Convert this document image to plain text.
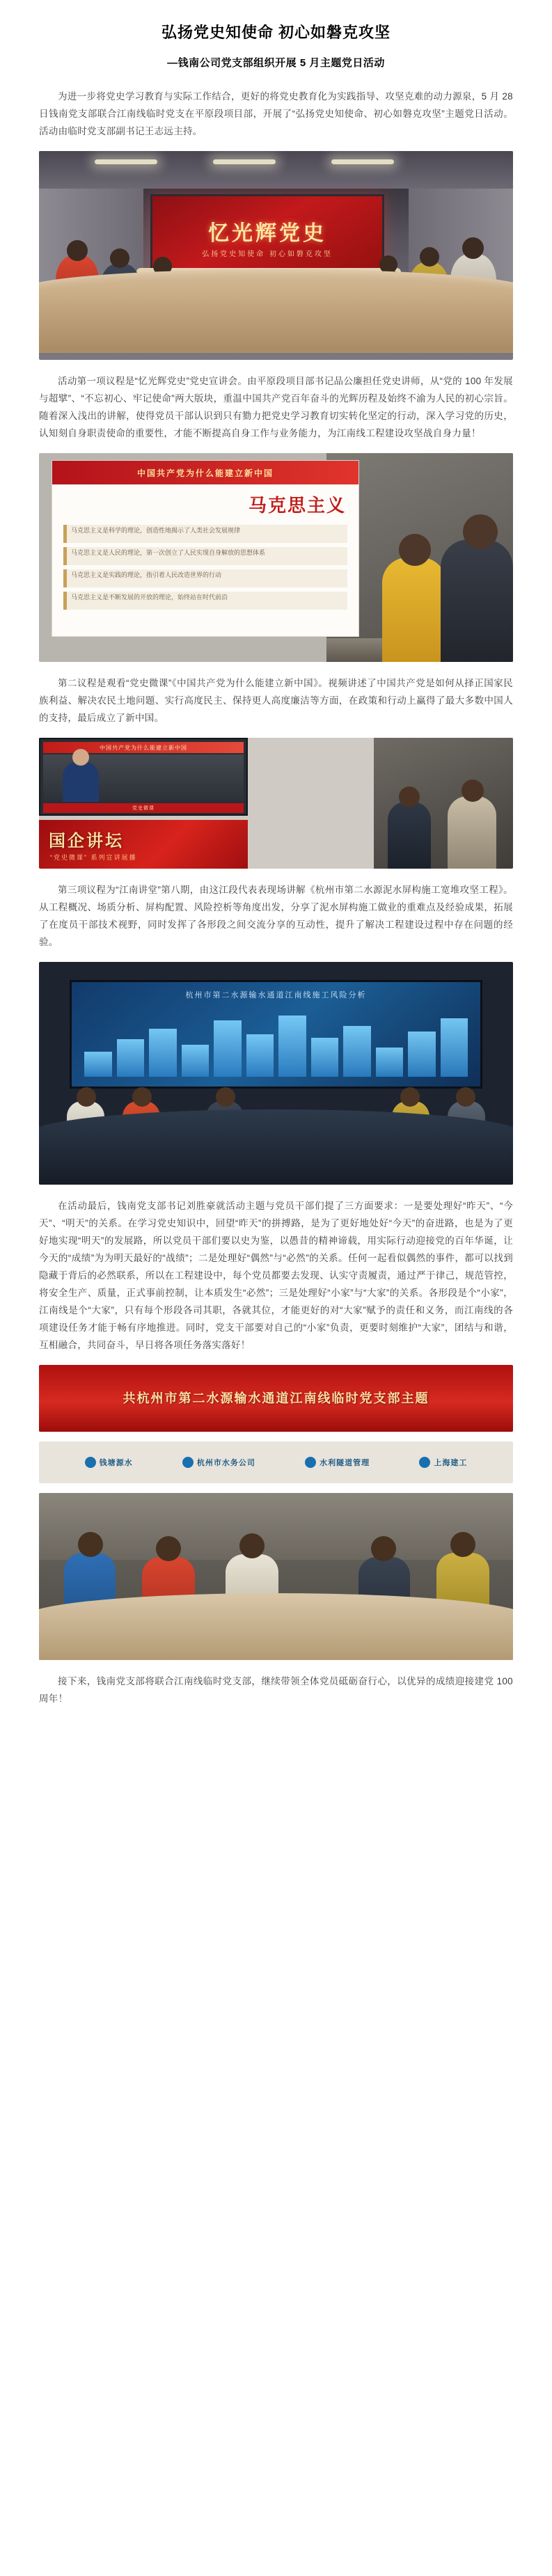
弘扬党史知使命 初心如磐克攻坚
—钱南公司党支部组织开展 5 月主题党日活动

为进一步将党史学习教育与实际工作结合，更好的将党史教育化为实践指导、攻坚克难的动力源泉，5 月 28 日钱南党支部联合江南线临时党支在平原段项目部，开展了“弘扬党史知使命、初心如磐克攻坚”主题党日活动。活动由临时党支部副书记王志远主持。

忆光辉党史
弘扬党史知使命 初心如磐克攻坚

活动第一项议程是“忆光辉党史”党史宣讲会。由平原段项目部书记品公廉担任党史讲师，从“党的 100 年发展与超擘”、“不忘初心、牢记使命”两大版块，重温中国共产党百年奋斗的光辉历程及始终不渝为人民的初心宗旨。随着深入浅出的讲解，使得党员干部认识到只有勠力把党史学习教育切实转化坚定的行动，深入学习党的历史，认知刻自身职责使命的重要性，才能不断提高自身工作与业务能力，为江南线工程建设攻坚战自身力量！

中国共产党为什么能建立新中国
马克思主义
马克思主义是科学的理论，创造性地揭示了人类社会发展规律
马克思主义是人民的理论，第一次创立了人民实现自身解放的思想体系
马克思主义是实践的理论，指引着人民改造世界的行动
马克思主义是不断发展的开放的理论，始终站在时代前沿

第二议程是观看“党史微课”《中国共产党为什么能建立新中国》。视频讲述了中国共产党是如何从择正国家民族利益、解决农民土地问题、实行高度民主、保持更人高度廉洁等方面，在政策和行动上赢得了最大多数中国人的支持，最后成立了新中国。

中国共产党为什么能建立新中国
党史微课
国企讲坛
“党史微课” 系列宣讲展播

第三项议程为“江南讲堂”第八期，由这江段代表表现场讲解《杭州市第二水源泥水屏构施工宽堆攻坚工程》。从工程概况、场质分析、屏构配置、风险控析等角度出发，分享了泥水屏构施工做业的重难点及经验成果，拓展了在度员干部技术视野，同时发挥了各形段之间交流分享的互动性，提升了解决工程建设过程中存在问题的经验。

杭州市第二水源输水通道江南线施工风险分析

在活动最后，钱南党支部书记刘胜豪就活动主题与党员干部们提了三方面要求：一是要处理好“昨天”、“今天”、“明天”的关系。在学习党史知识中，回望“昨天”的拼搏路，是为了更好地处好“今天”的奋进路，也是为了更好地实现“明天”的发展路，所以党员干部们要以史为鉴，以愚昔的精神谛载，用实际行动迎接党的百年华诞，让今天的“成绩”为为明天最好的“战绩”；二是处理好“偶然”与“必然”的关系。任何一起看似偶然的事件，都可以找到隐藏于背后的必然联系，所以在工程建设中，每个党员都要去发现、认实守责履责，通过严于律己，规范管控，将安全生产、质量，正式事前控制，让本质发生“必然”；三是处理好“小家”与“大家”的关系。各形段是个“小家”，江南线是个“大家”，只有每个形段各司其职，各就其位，才能更好的对“大家”赋予的责任和义务，而江南线的各项建设任务才能于畅有序地推进。同时，党支干部要对自己的“小家”负责，更要时刻维护“大家”，团结与和谐，互相融合，共同奋斗，早日将各项任务落实落好！

共杭州市第二水源输水通道江南线临时党支部主题
钱塘源水	杭州市水务公司	水利隧道管理	上海建工

接下来，钱南党支部将联合江南线临时党支部，继续带领全体党员砥砺奋行心，以优异的成绩迎接建党 100 周年！
